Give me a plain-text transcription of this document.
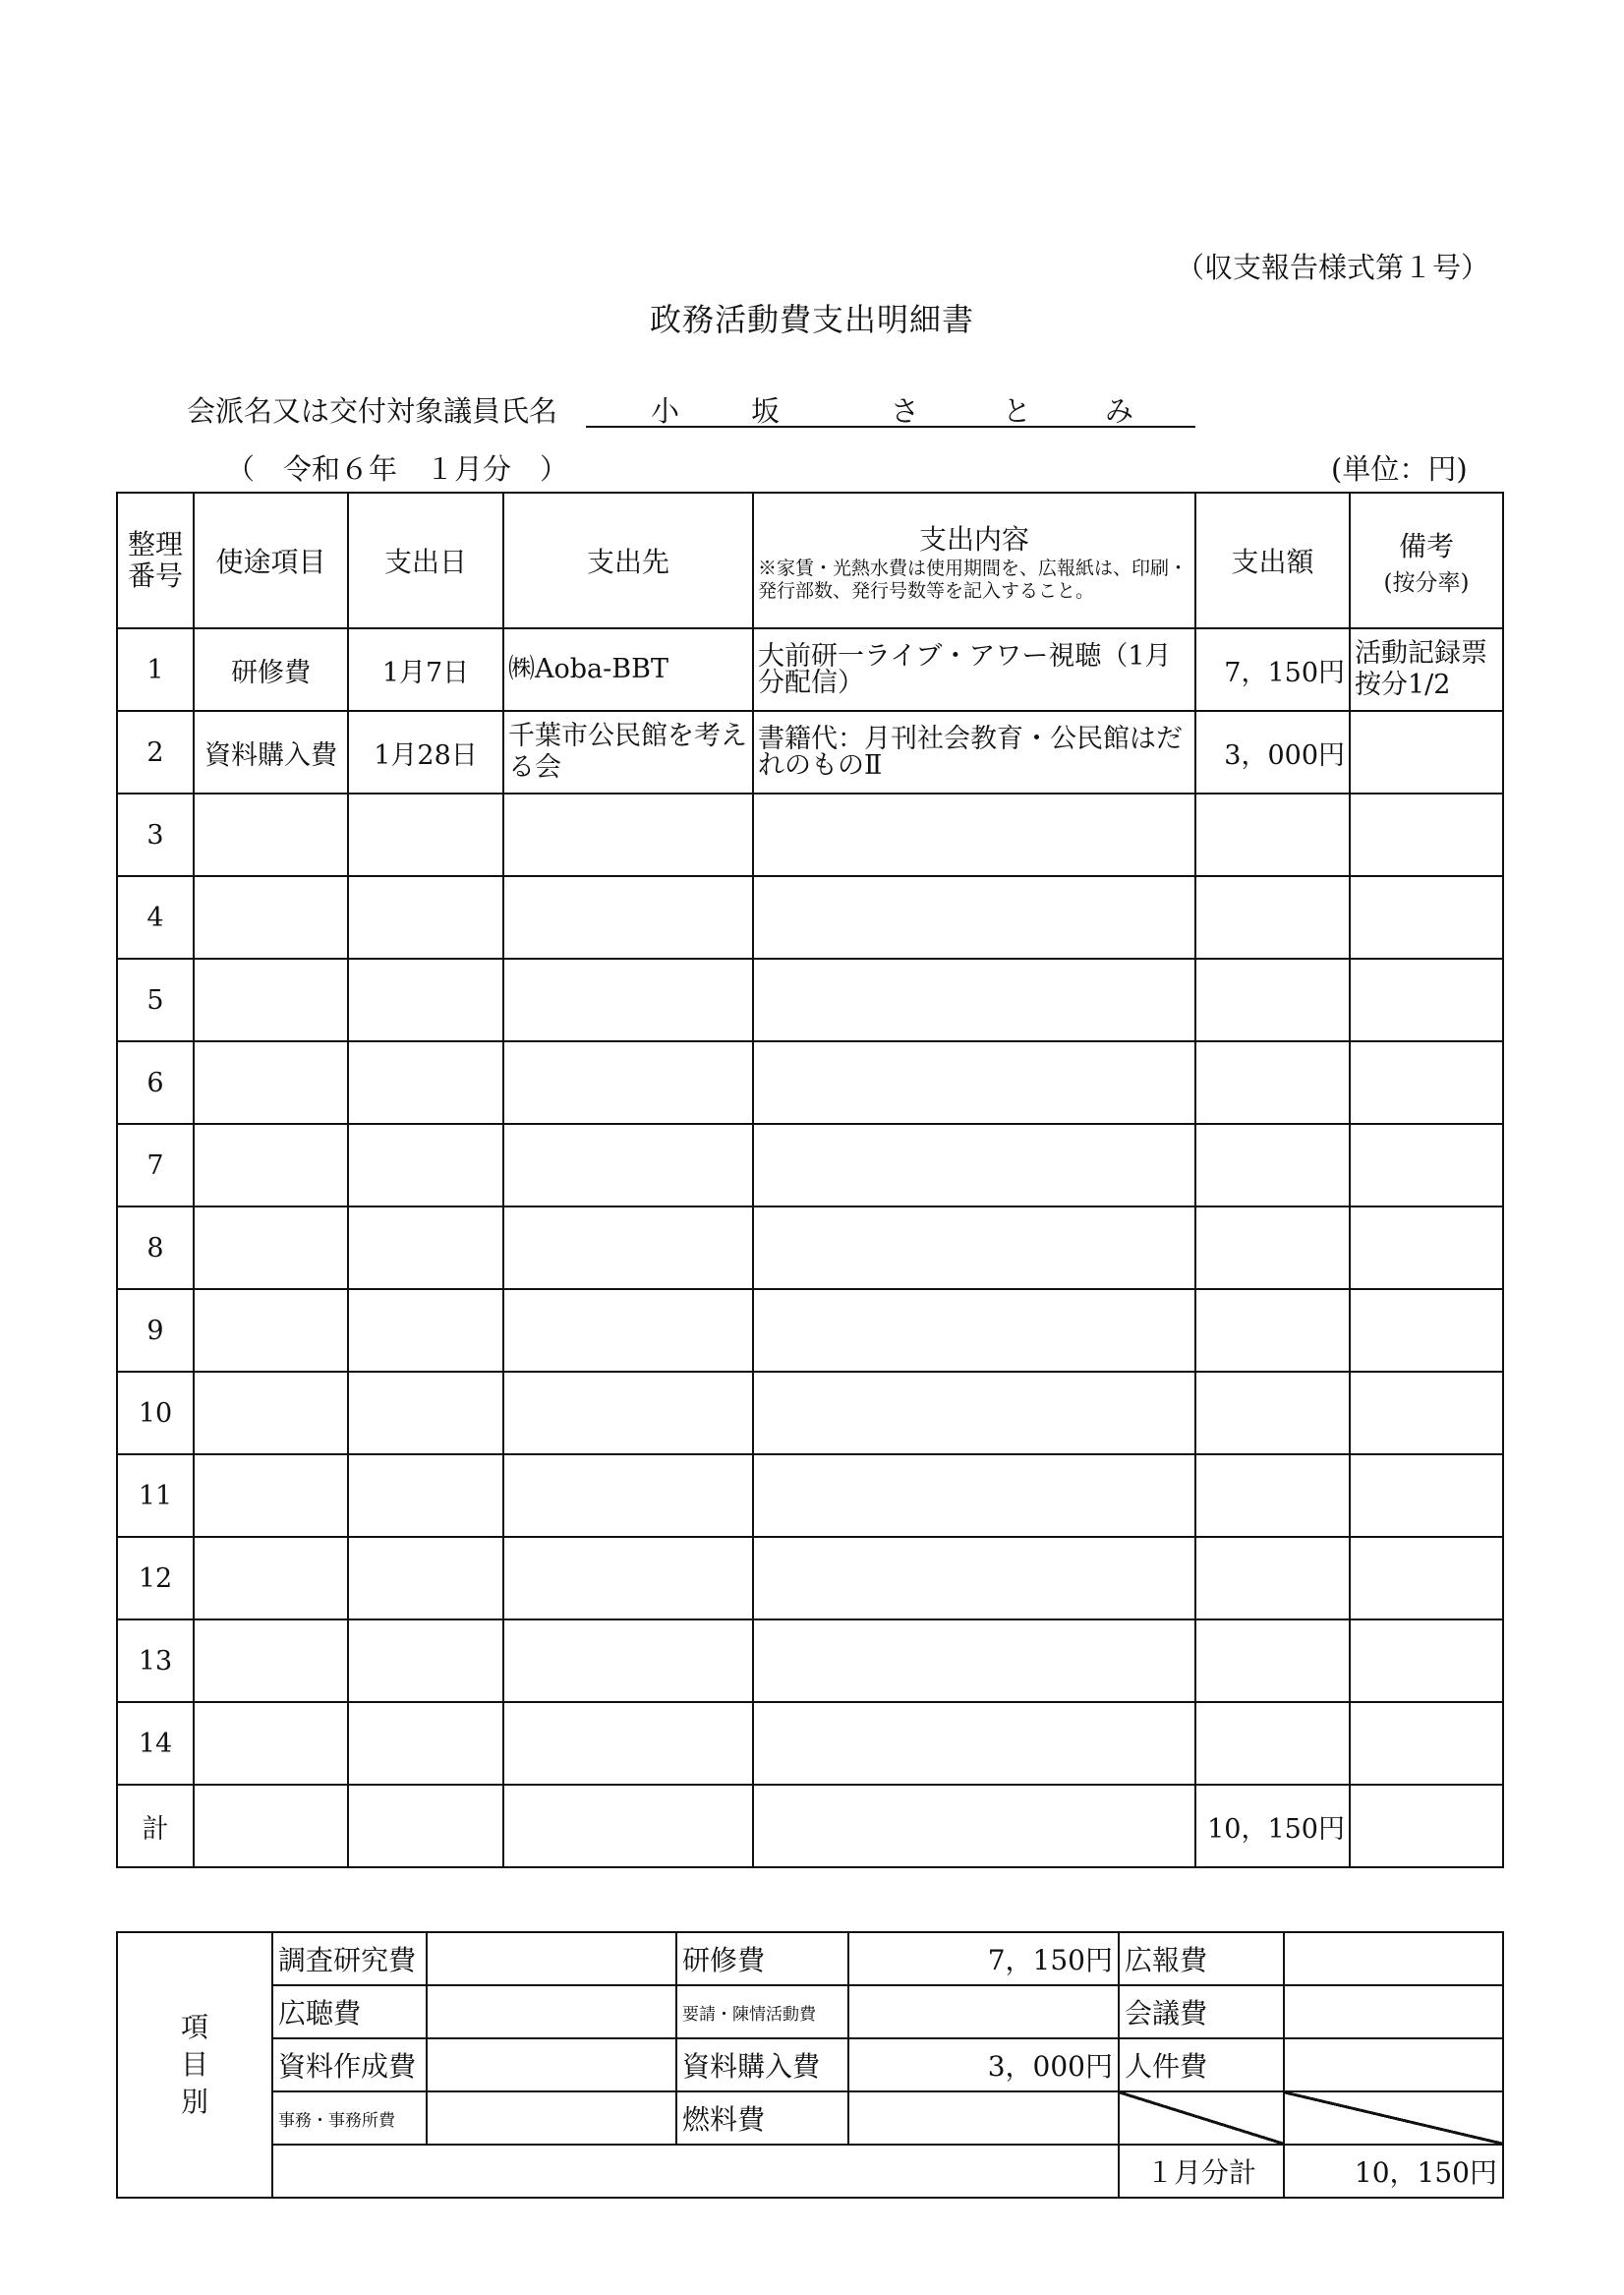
（収支報告様式第１号）
政務活動費支出明細書
会派名又は交付対象議員氏名	小	坂	さ	と	み
（　令和６年　１月分　）	(単位：円)
整理番号	使途項目	支出日	支出先	支出内容
※家賃・光熱水費は使用期間を、広報紙は、印刷・発行部数、発行号数等を記入すること。	支出額	備考
(按分率)

1	研修費	1月7日	㈱Aoba-BBT	大前研一ライブ・アワー視聴（1月分配信）	7，150円	活動記録票按分1/2
2	資料購入費	1月28日	千葉市公民館を考える会	書籍代：月刊社会教育・公民館はだれのものⅡ	3，000円	
3						
4						
5						
6						
7						
8						
9						
10						
11						
12						
13						
14						
計					10，150円	
項目別	調査研究費		研修費	7，150円	広報費	
	広聴費		要請・陳情活動費		会議費	
	資料作成費		資料購入費	3，000円	人件費	
	事務・事務所費		燃料費			
					１月分計	10，150円
